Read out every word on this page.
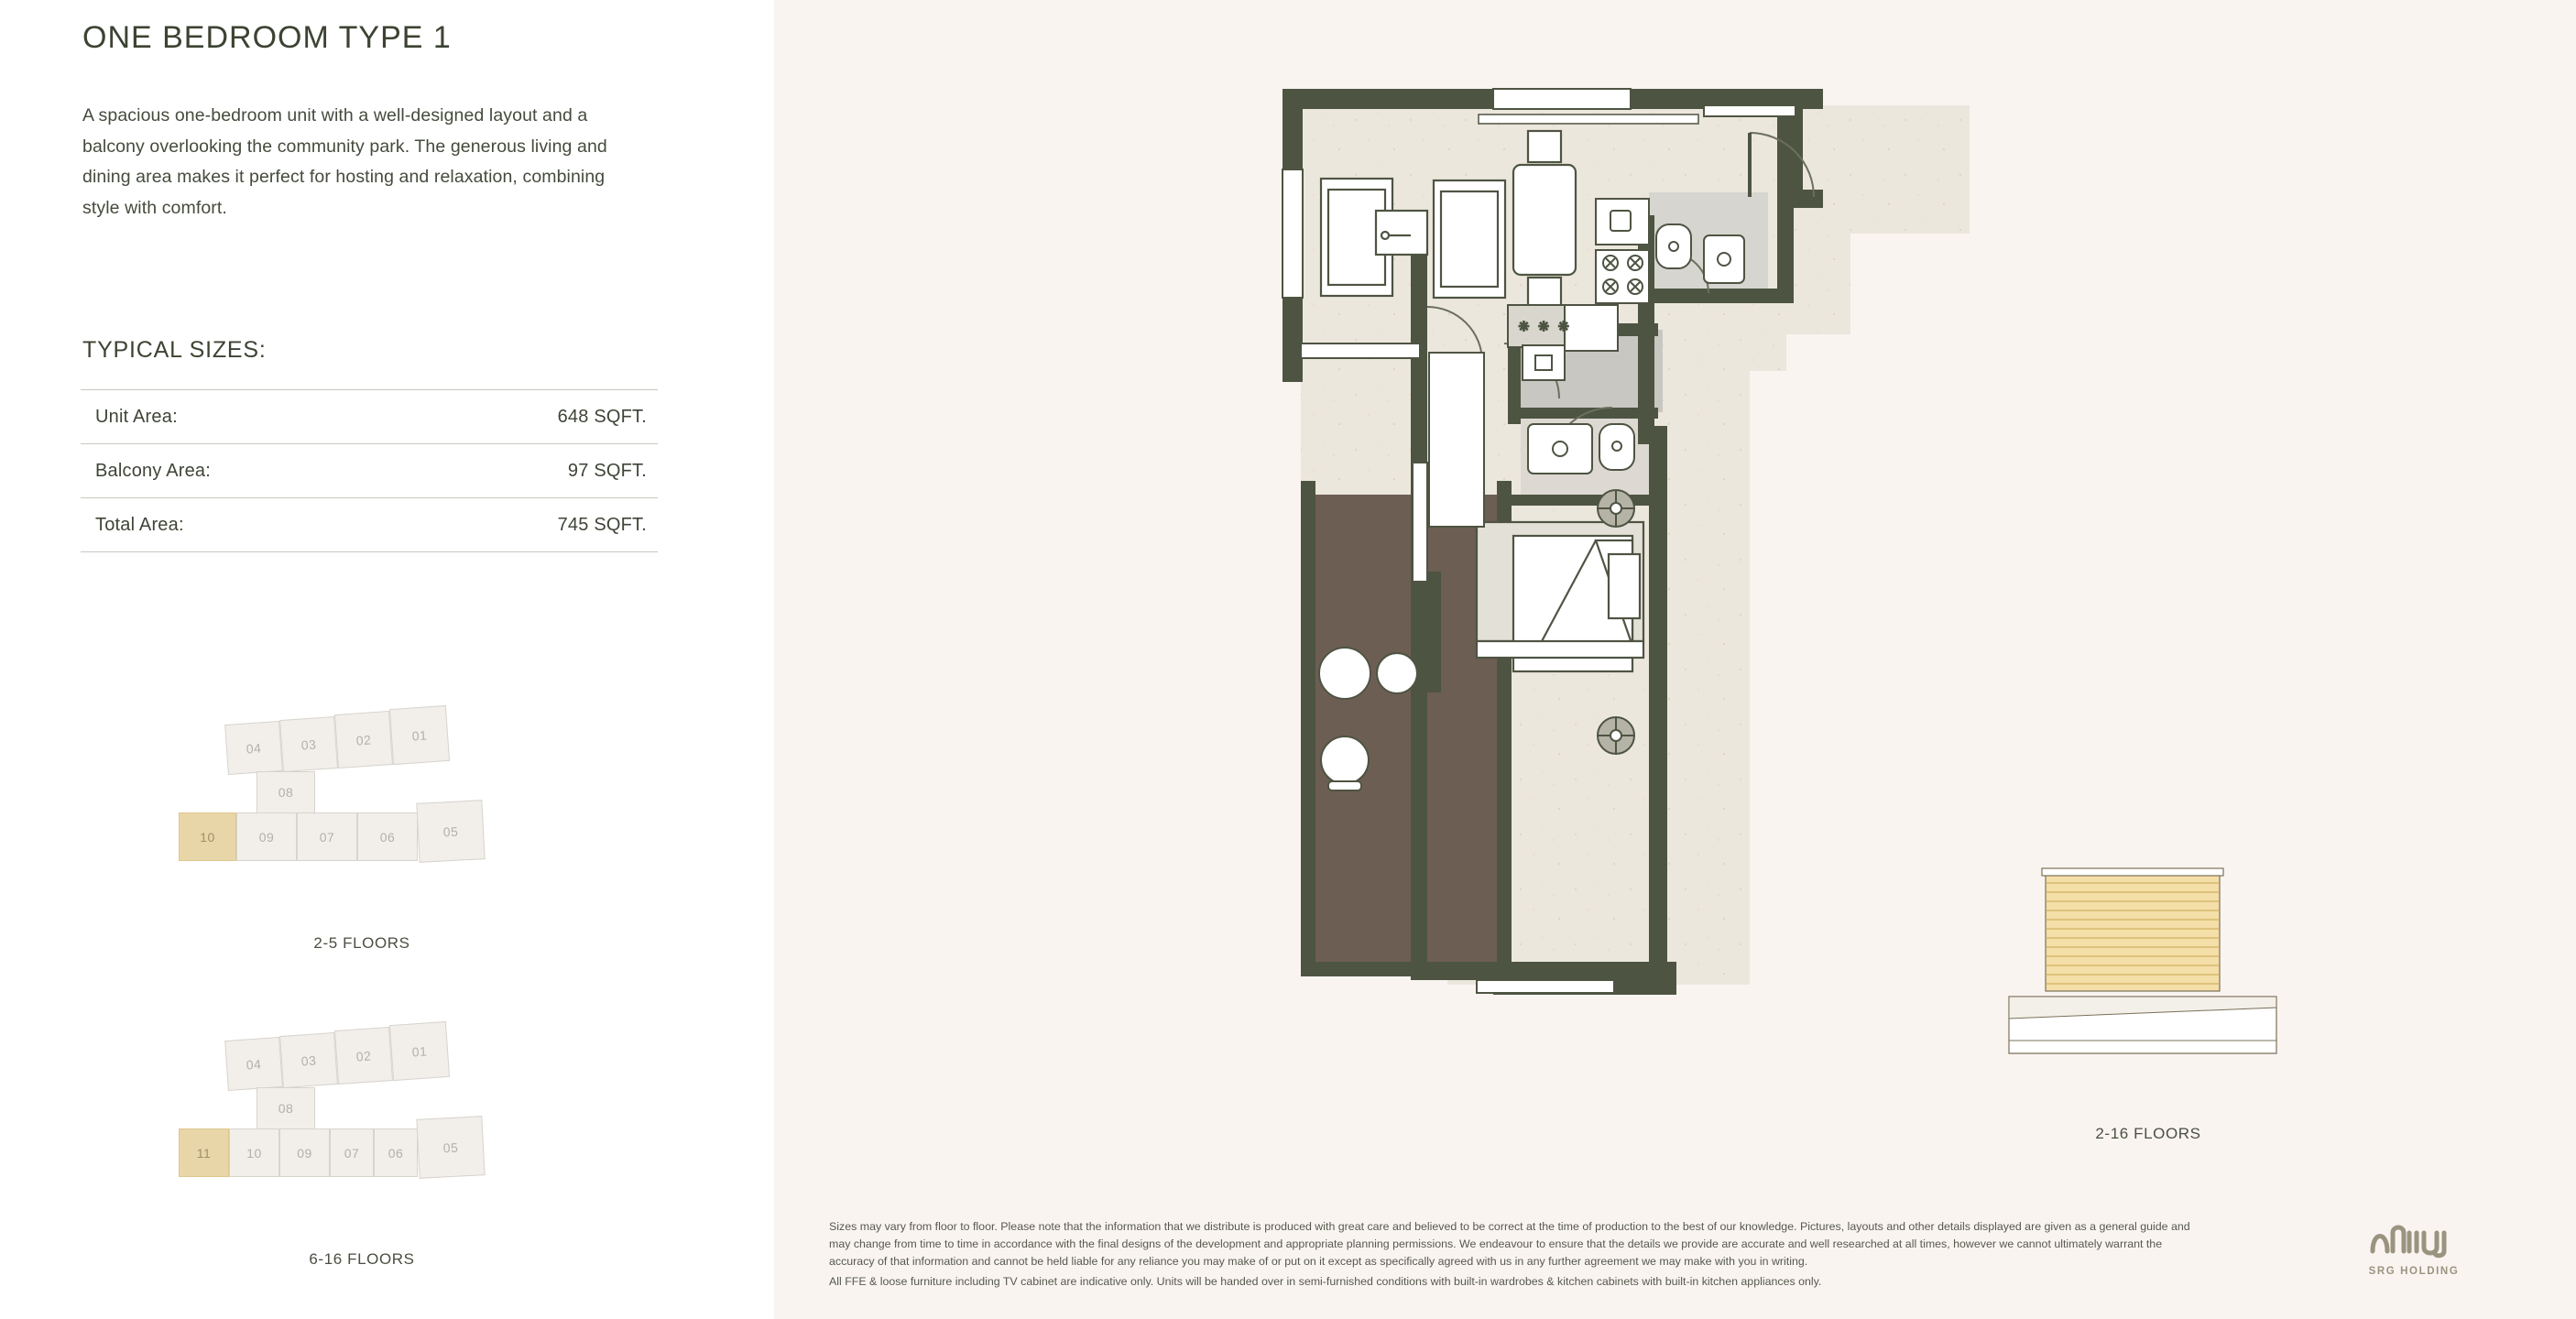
ONE BEDROOM TYPE 1
A spacious one-bedroom unit with a well-designed layout and a balcony overlooking the community park. The generous living and dining area makes it perfect for hosting and relaxation, combining style with comfort.
TYPICAL SIZES:
Unit Area:	648 SQFT.
Balcony Area:	97 SQFT.
Total Area:	745 SQFT.
04	03	02	01
08
10	09	07	06	05
2-5 FLOORS
04	03	02	01
08
11	10	09	07	06	05
6-16 FLOORS
✳ ✳ ✳
2-16 FLOORS

Sizes may vary from floor to floor. Please note that the information that we distribute is produced with great care and believed to be correct at the time of production to the best of our knowledge. Pictures, layouts and other details displayed are given as a general guide and may change from time to time in accordance with the final designs of the development and appropriate planning permissions. We endeavour to ensure that the details we provide are accurate and well researched at all times, however we cannot ultimately warrant the accuracy of that information and cannot be held liable for any reliance you may make of or put on it except as specifically agreed with us in any further agreement we may make with you in writing.

All FFE & loose furniture including TV cabinet are indicative only. Units will be handed over in semi-furnished conditions with built-in wardrobes & kitchen cabinets with built-in kitchen appliances only.

SRG HOLDING
